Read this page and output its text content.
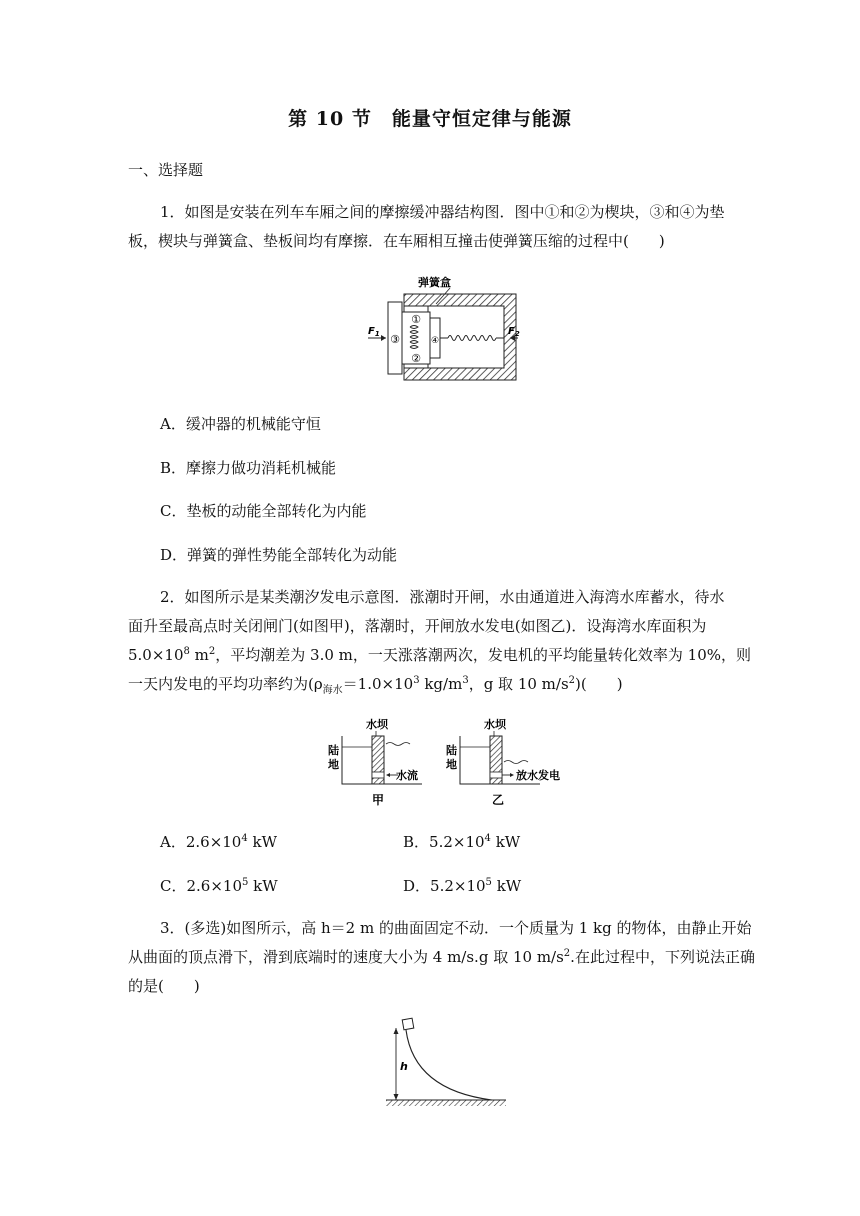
第 10 节　能量守恒定律与能源
一、选择题
1．如图是安装在列车车厢之间的摩擦缓冲器结构图．图中①和②为楔块，③和④为垫
板，楔块与弹簧盒、垫板间均有摩擦．在车厢相互撞击使弹簧压缩的过程中(　　)
弹簧盒
①
②
③	④
$F_1$	$F_2$
A．缓冲器的机械能守恒
B．摩擦力做功消耗机械能
C．垫板的动能全部转化为内能
D．弹簧的弹性势能全部转化为动能
2．如图所示是某类潮汐发电示意图．涨潮时开闸，水由通道进入海湾水库蓄水，待水
面升至最高点时关闭闸门(如图甲)，落潮时，开闸放水发电(如图乙)．设海湾水库面积为
$5.0\times 10^8$ $m^2$，平均潮差为 3.0 m，一天涨落潮两次，发电机的平均能量转化效率为 10%，则
一天内发电的平均功率约为($\rho_{海水}=1.0\times 10^3$ $kg/m^3$，g 取 10 $m/s^2$)(　　)
水坝
陆
地
水流
甲
水坝
陆
地
放水发电
乙
A．$2.6\times 10^4$ kW	B．$5.2\times 10^4$ kW
C．$2.6\times 10^5$ kW	D．$5.2\times 10^5$ kW
3．(多选)如图所示，高 h＝2 m 的曲面固定不动．一个质量为 1 kg 的物体，由静止开始
从曲面的顶点滑下，滑到底端时的速度大小为 4 m/s.g 取 10 $m/s^2$.在此过程中，下列说法正确
的是(　　)
h
